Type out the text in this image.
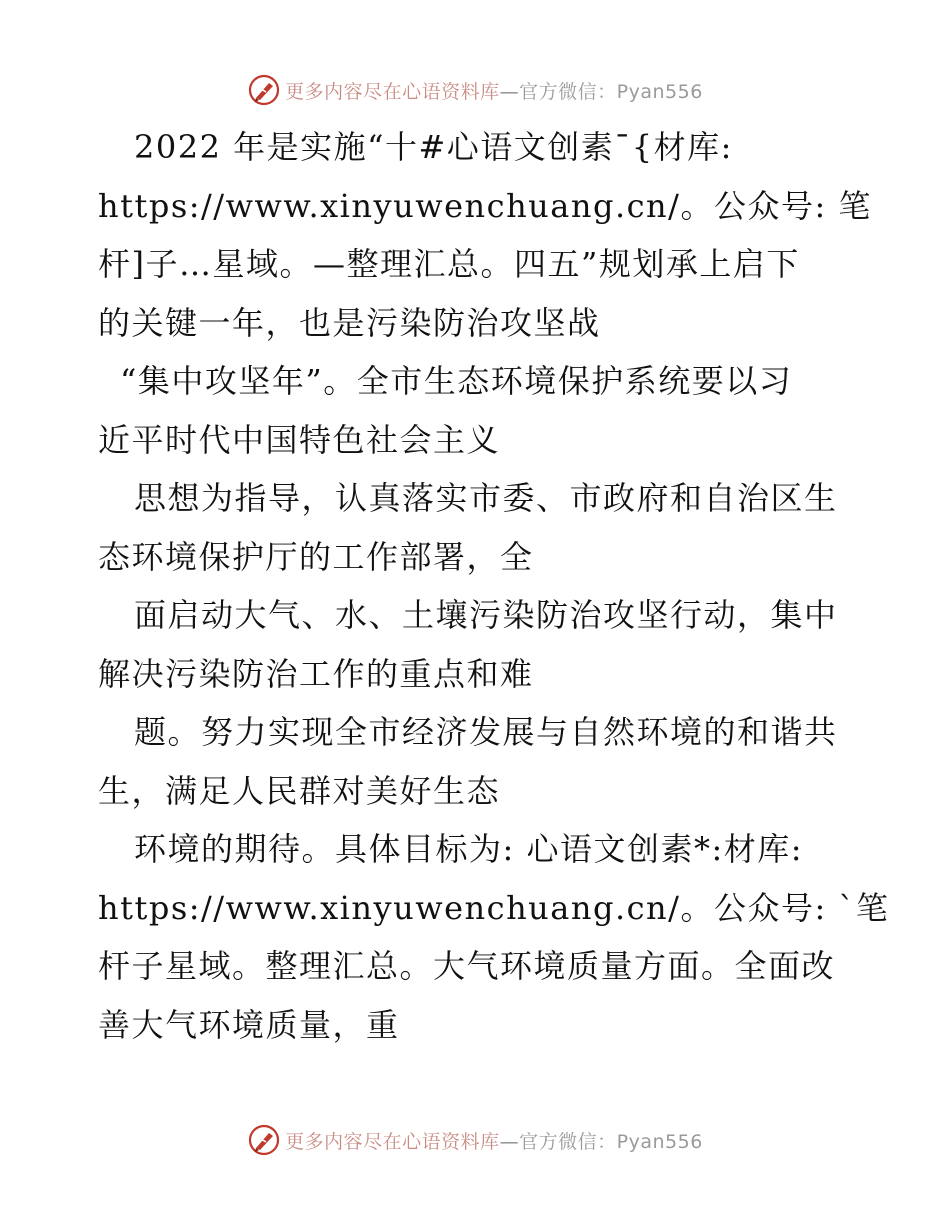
更多内容尽在心语资料库—官方微信：Pyan556
2022 年是实施“十#心语文创素¯{材库:
https://www.xinyuwenchuang.cn/。公众号: 笔
杆]子…星域。—整理汇总。四五”规划承上启下
的关键一年，也是污染防治攻坚战
“集中攻坚年”。全市生态环境保护系统要以习
近平时代中国特色社会主义
思想为指导，认真落实市委、市政府和自治区生
态环境保护厅的工作部署，全
面启动大气、水、土壤污染防治攻坚行动，集中
解决污染防治工作的重点和难
题。努力实现全市经济发展与自然环境的和谐共
生，满足人民群对美好生态
环境的期待。具体目标为: 心语文创素*:材库:
https://www.xinyuwenchuang.cn/。公众号: `笔
杆子星域。整理汇总。大气环境质量方面。全面改
善大气环境质量，重
更多内容尽在心语资料库—官方微信：Pyan556
